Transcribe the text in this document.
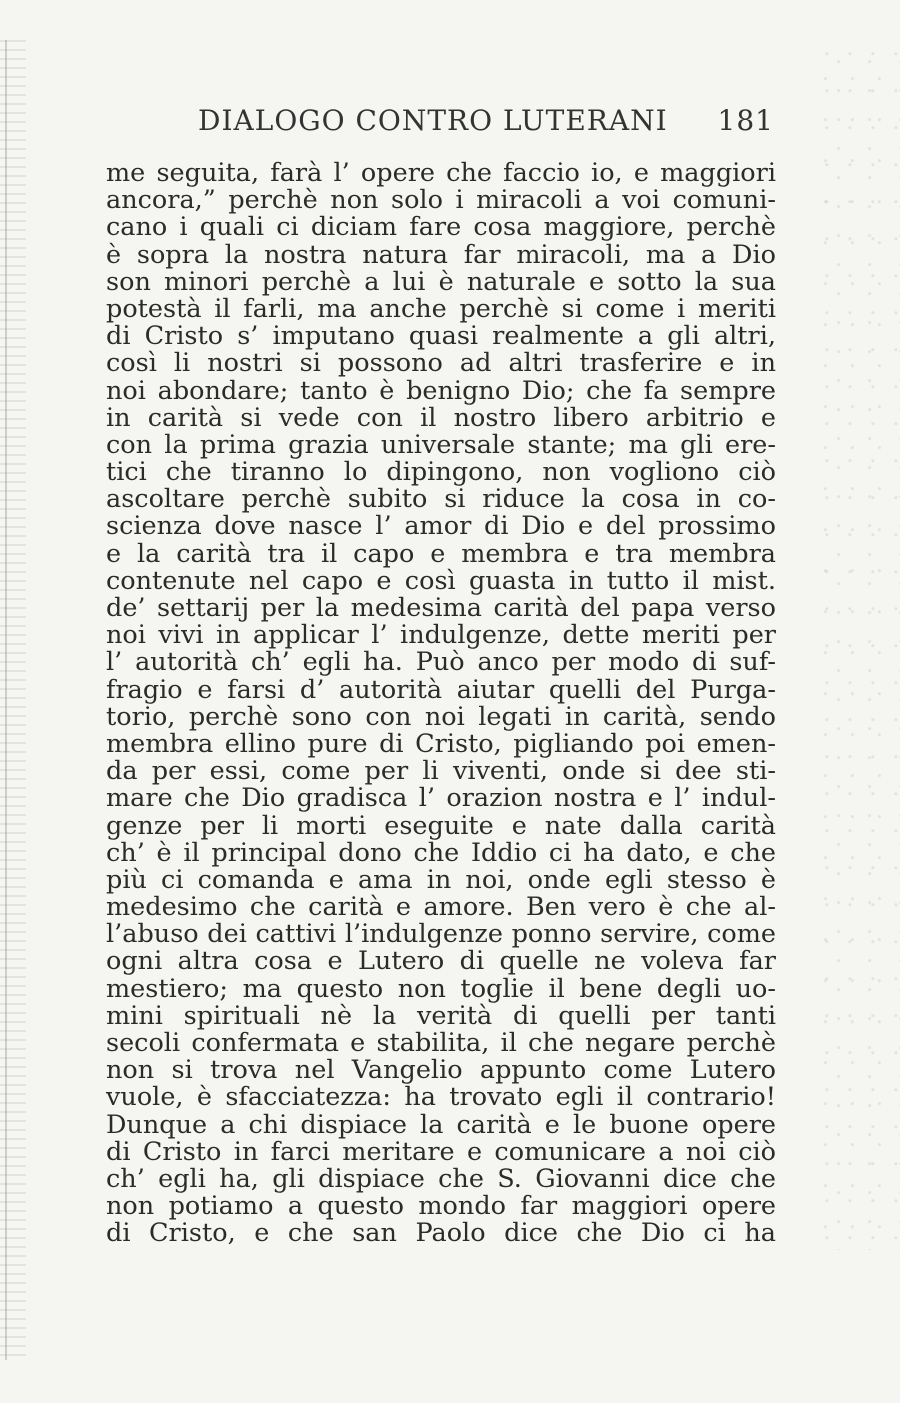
DIALOGO CONTRO LUTERANI 181
me seguita, farà l’ opere che faccio io, e maggiori
ancora,” perchè non solo i miracoli a voi comuni-
cano i quali ci diciam fare cosa maggiore, perchè
è sopra la nostra natura far miracoli, ma a Dio
son minori perchè a lui è naturale e sotto la sua
potestà il farli, ma anche perchè si come i meriti
di Cristo s’ imputano quasi realmente a gli altri,
così li nostri si possono ad altri trasferire e in
noi abondare; tanto è benigno Dio; che fa sempre
in carità si vede con il nostro libero arbitrio e
con la prima grazia universale stante; ma gli ere-
tici che tiranno lo dipingono, non vogliono ciò
ascoltare perchè subito si riduce la cosa in co-
scienza dove nasce l’ amor di Dio e del prossimo
e la carità tra il capo e membra e tra membra
contenute nel capo e così guasta in tutto il mist.
de’ settarij per la medesima carità del papa verso
noi vivi in applicar l’ indulgenze, dette meriti per
l’ autorità ch’ egli ha. Può anco per modo di suf-
fragio e farsi d’ autorità aiutar quelli del Purga-
torio, perchè sono con noi legati in carità, sendo
membra ellino pure di Cristo, pigliando poi emen-
da per essi, come per li viventi, onde si dee sti-
mare che Dio gradisca l’ orazion nostra e l’ indul-
genze per li morti eseguite e nate dalla carità
ch’ è il principal dono che Iddio ci ha dato, e che
più ci comanda e ama in noi, onde egli stesso è
medesimo che carità e amore. Ben vero è che al-
l’abuso dei cattivi l’indulgenze ponno servire, come
ogni altra cosa e Lutero di quelle ne voleva far
mestiero; ma questo non toglie il bene degli uo-
mini spirituali nè la verità di quelli per tanti
secoli confermata e stabilita, il che negare perchè
non si trova nel Vangelio appunto come Lutero
vuole, è sfacciatezza: ha trovato egli il contrario!
Dunque a chi dispiace la carità e le buone opere
di Cristo in farci meritare e comunicare a noi ciò
ch’ egli ha, gli dispiace che S. Giovanni dice che
non potiamo a questo mondo far maggiori opere
di Cristo, e che san Paolo dice che Dio ci ha
